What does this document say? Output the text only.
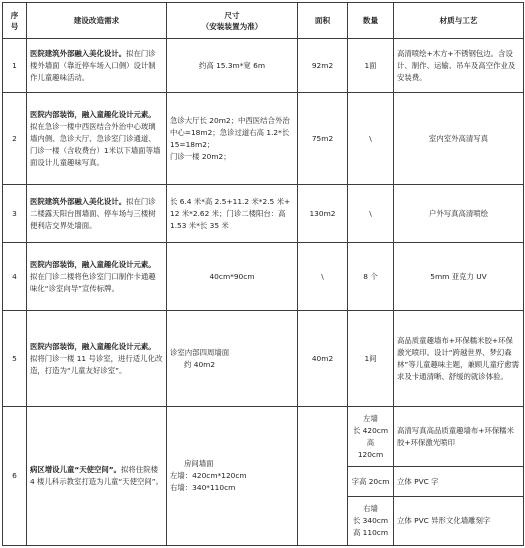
序
号	建设改造需求	尺寸
（安装装置为准）	面积	数量	材质与工艺
1	医院建筑外部融入美化设计。拟在门诊楼外墙面（靠近停车场入口侧）设计制作儿童趣味活动。	约高 15.3m*宽 6m	92m2	1面	高清喷绘+木方+不锈钢包边。含设计、制作、运输、吊车及高空作业及安装费。
2	医院内部装饰，融入童趣化设计元素。拟在急诊一楼中西医结合外治中心玻璃墙内侧、急诊大厅、急诊室门诊通道、门诊一楼（含收费台）1米以下墙面等墙面设计儿童趣味写真。	急诊大厅长 20m2；中西医结合外治中心=18m2；急诊过道右高 1.2*长 15=18m2；
门诊一楼 20m2；	75m2	\	室内室外高清写真
3	医院建筑外部融入美化设计。拟在门诊二楼露天阳台围墙面、停车场与三楼树便利店交界处墙面。	长 6.4 米*高 2.5+11.2 米*2.5 米+12 米*2.62 米；门诊二楼阳台：高 1.53 米*长 35 米	130m2	\	户外写真高清喷绘
4	医院内部装饰，融入童趣化设计元素。拟在门诊二楼将色诊室门口制作卡通趣味化“诊室向导”宣传标牌。	40cm*90cm	\	8 个	5mm 亚克力 UV
5	医院内部装饰，融入童趣化设计元素。拟将门诊一楼 11 号诊室，进行适儿化改造，打造为“儿童友好诊室”。	诊室内部四周墙面
约 40m2	40m2	1间	高品质童趣墙布+环保糯米胶+环保激光喷印。设计“跨越世界、梦幻森林”等儿童趣味主题，兼顾儿童疗愈需求及卡通清晰、舒缓的就诊体验。
6	病区增设儿童“天使空间”。拟将住院楼 4 楼儿科示教室打造为儿童“天使空间”。	房间墙面
左墙：420cm*120cm
右墙：340*110cm		左墙
长 420cm 高
120cm	高清写真高品质童趣墙布+环保糯米胶+环保激光喷印
				字高 20cm	立体 PVC 字
				右墙
长 340cm
高 110cm	立体 PVC 异形文化墙雕刻字
